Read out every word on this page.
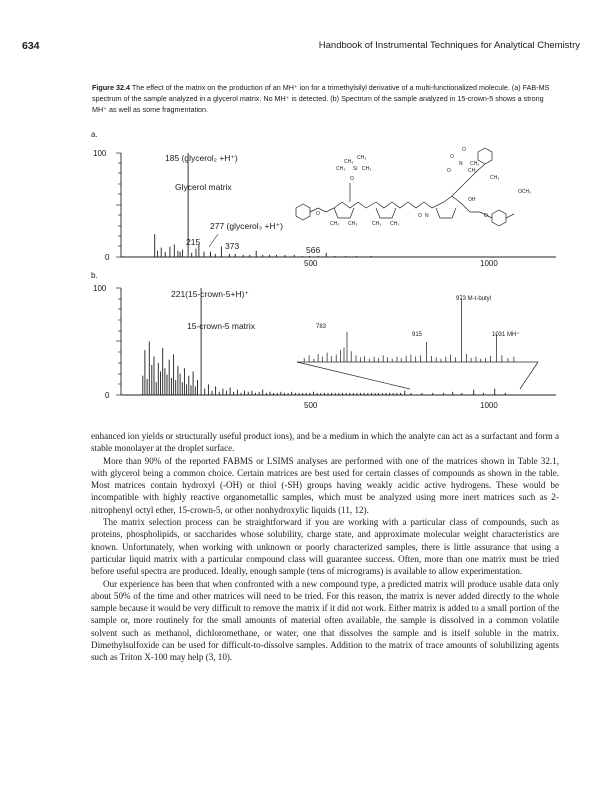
634	Handbook of Instrumental Techniques for Analytical Chemistry
Figure 32.4 The effect of the matrix on the production of an MH⁺ ion for a trimethylsilyl derivative of a multi-functionalized molecule. (a) FAB-MS spectrum of the sample analyzed in a glycerol matrix. No MH⁺ is detected. (b) Spectrum of the sample analyzed in 15-crown-5 shows a strong MH⁺ as well as some fragmentation.
a.
100
0
500	1000
185 (glycerol₂ +H⁺)
Glycerol matrix
277 (glycerol₃ +H⁺)
215	373	566
CH₃
CH₃
CH₃ Si CH₃
O
O
O
CH₃
CH₃
N
O
O N
CH₃
OH
OCH₃
O	O
CH₃ CH₃	CH₃ CH₃
b.
100
0
500	1000
221(15-crown-5+H)⁺
15-crown-5 matrix	783
915
973 M-t-butyl
1031 MH⁺

enhanced ion yields or structurally useful product ions), and be a medium in which the analyte can act as a surfactant and form a stable monolayer at the droplet surface.

More than 90% of the reported FABMS or LSIMS analyses are performed with one of the matrices shown in Table 32.1, with glycerol being a common choice. Certain matrices are best used for certain classes of compounds as shown in the table. Most matrices contain hydroxyl (-OH) or thiol (-SH) groups having weakly acidic active hydrogens. These would be incompatible with highly reactive organometallic samples, which must be analyzed using more inert matrices such as 2-nitrophenyl octyl ether, 15-crown-5, or other nonhydroxylic liquids (11, 12).

The matrix selection process can be straightforward if you are working with a particular class of compounds, such as proteins, phospholipids, or saccharides whose solubility, charge state, and approximate molecular weight characteristics are known. Unfortunately, when working with unknown or poorly characterized samples, there is little assurance that using a particular liquid matrix with a particular compound class will guarantee success. Often, more than one matrix must be tried before useful spectra are produced. Ideally, enough sample (tens of micrograms) is available to allow experimentation.

Our experience has been that when confronted with a new compound type, a predicted matrix will produce usable data only about 50% of the time and other matrices will need to be tried. For this reason, the matrix is never added directly to the whole sample because it would be very difficult to remove the matrix if it did not work. Either matrix is added to a small portion of the sample or, more routinely for the small amounts of material often available, the sample is dissolved in a common volatile solvent such as methanol, dichloromethane, or water, one that dissolves the sample and is itself soluble in the matrix. Dimethylsulfoxide can be used for difficult-to-dissolve samples. Addition to the matrix of trace amounts of solubilizing agents such as Triton X-100 may help (3, 10).
